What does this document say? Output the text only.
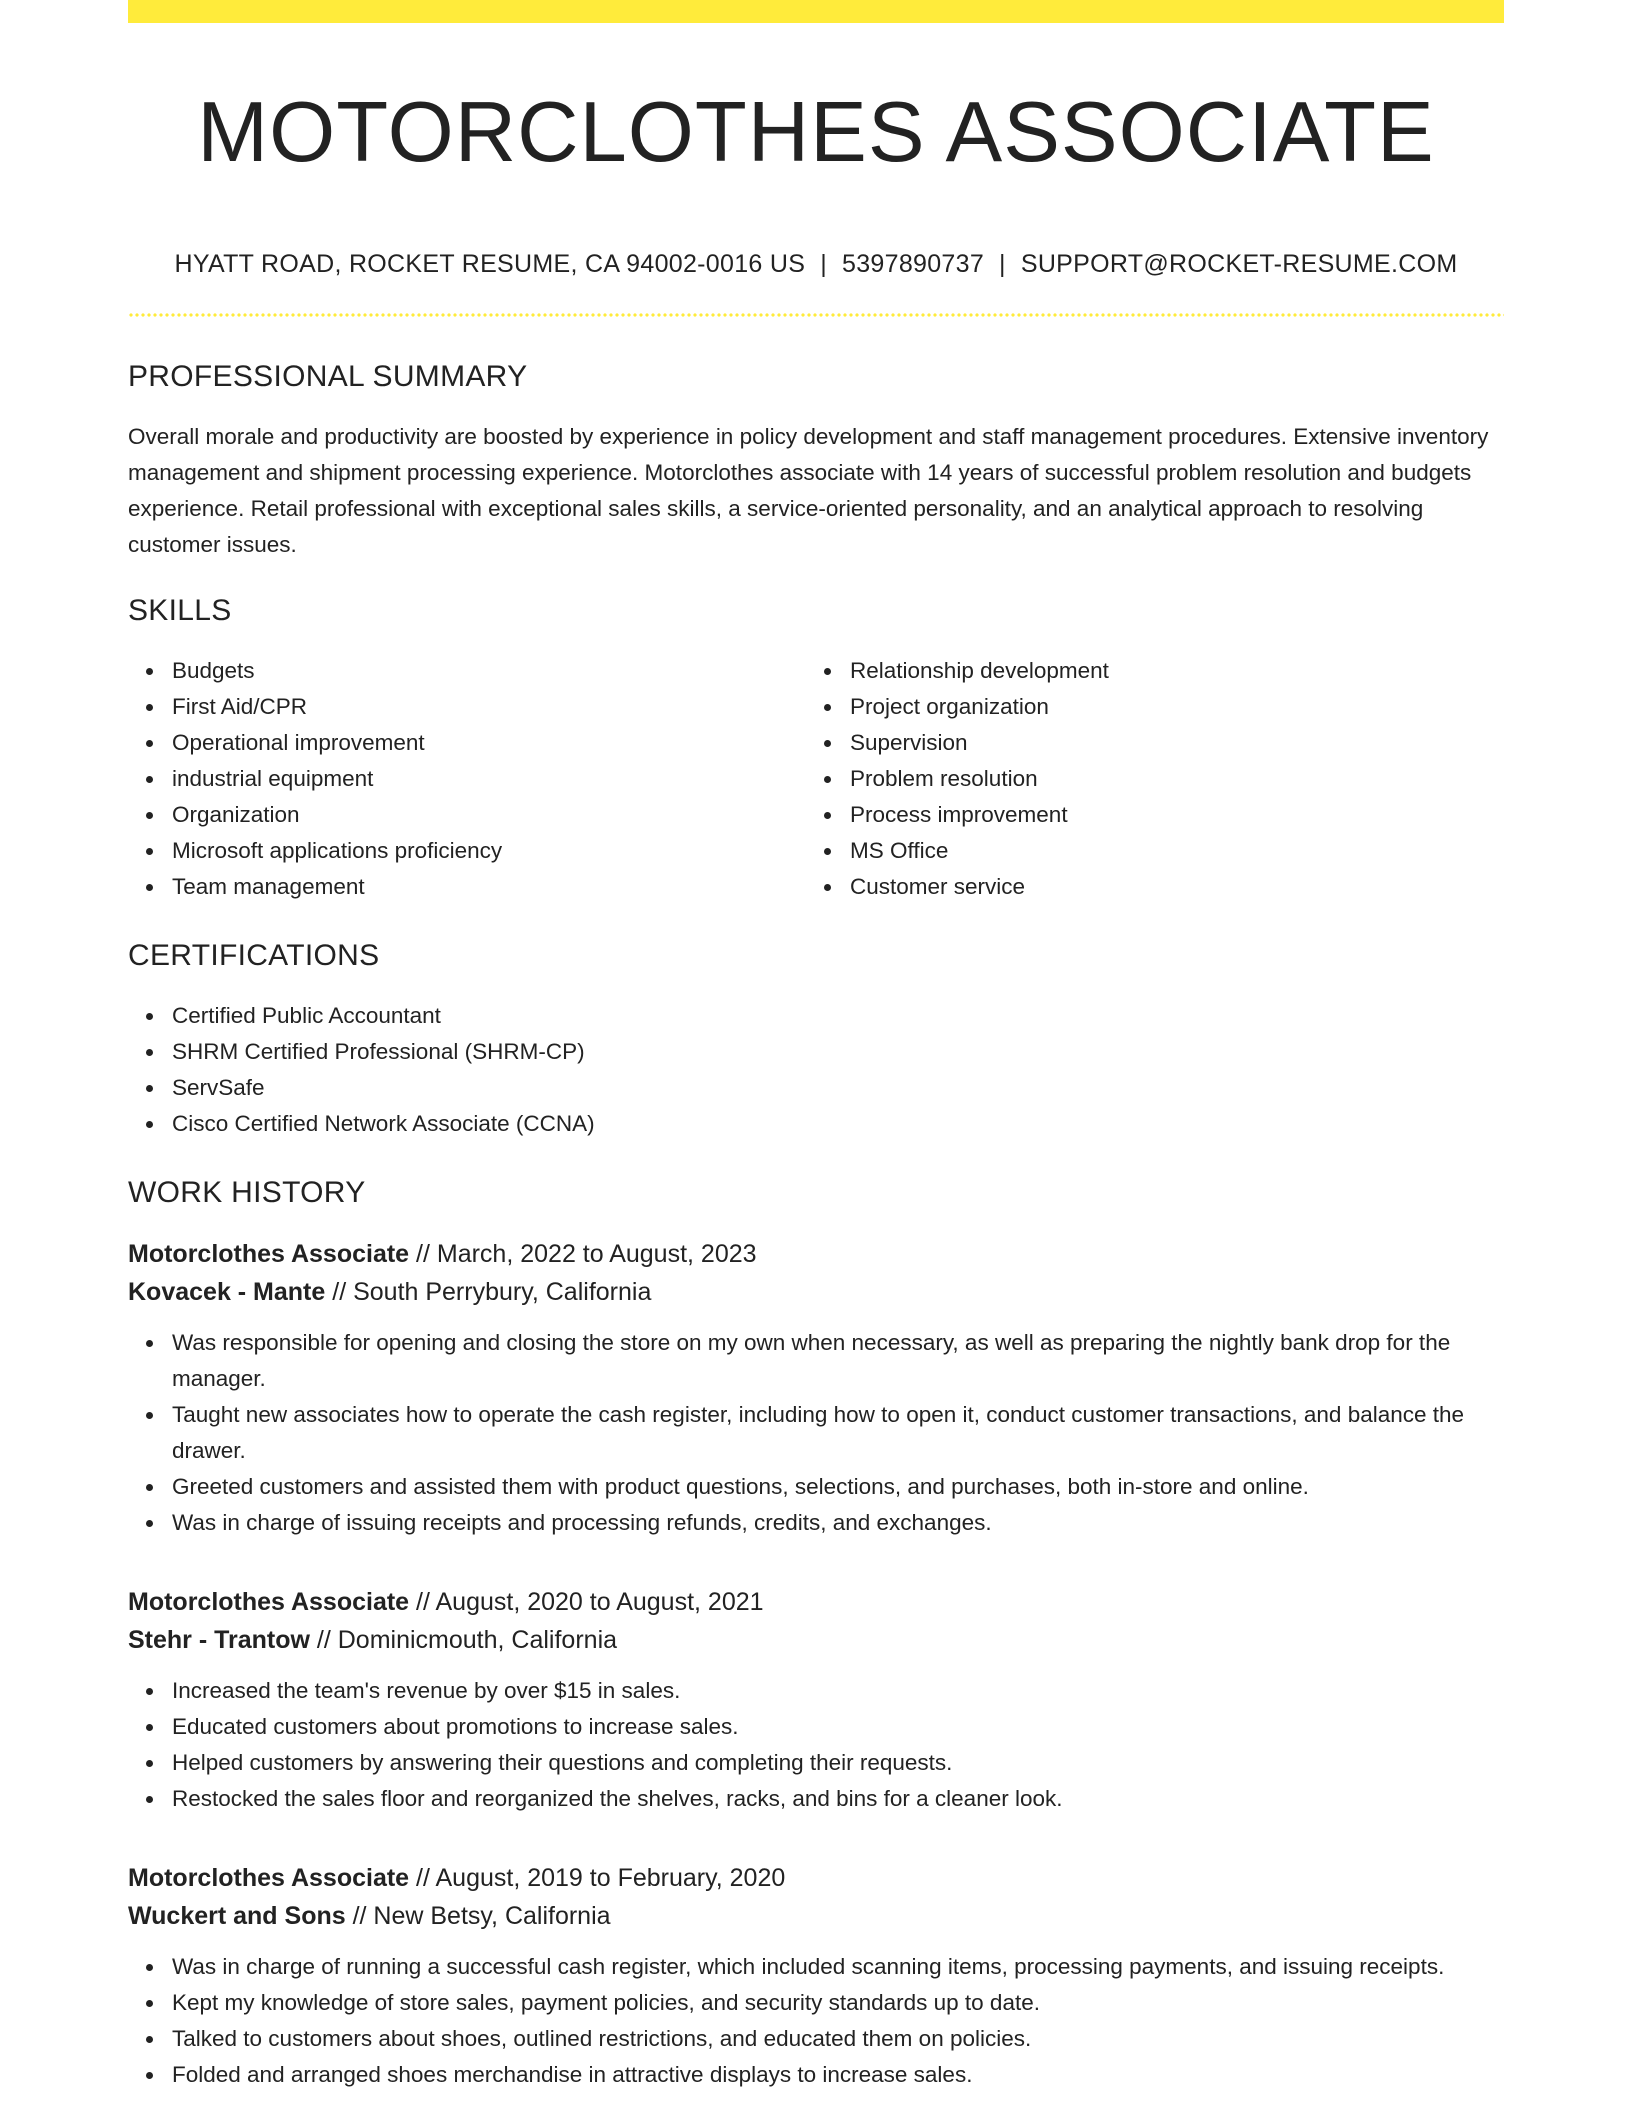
MOTORCLOTHES ASSOCIATE
HYATT ROAD, ROCKET RESUME, CA 94002-0016 US | 5397890737 | SUPPORT@ROCKET-RESUME.COM
PROFESSIONAL SUMMARY
Overall morale and productivity are boosted by experience in policy development and staff management procedures. Extensive inventory management and shipment processing experience. Motorclothes associate with 14 years of successful problem resolution and budgets experience. Retail professional with exceptional sales skills, a service-oriented personality, and an analytical approach to resolving customer issues.
SKILLS
Budgets
First Aid/CPR
Operational improvement
industrial equipment
Organization
Microsoft applications proficiency
Team management
Relationship development
Project organization
Supervision
Problem resolution
Process improvement
MS Office
Customer service
CERTIFICATIONS
Certified Public Accountant
SHRM Certified Professional (SHRM-CP)
ServSafe
Cisco Certified Network Associate (CCNA)
WORK HISTORY
Motorclothes Associate // March, 2022 to August, 2023
Kovacek - Mante // South Perrybury, California
Was responsible for opening and closing the store on my own when necessary, as well as preparing the nightly bank drop for the manager.
Taught new associates how to operate the cash register, including how to open it, conduct customer transactions, and balance the drawer.
Greeted customers and assisted them with product questions, selections, and purchases, both in-store and online.
Was in charge of issuing receipts and processing refunds, credits, and exchanges.
Motorclothes Associate // August, 2020 to August, 2021
Stehr - Trantow // Dominicmouth, California
Increased the team's revenue by over $15 in sales.
Educated customers about promotions to increase sales.
Helped customers by answering their questions and completing their requests.
Restocked the sales floor and reorganized the shelves, racks, and bins for a cleaner look.
Motorclothes Associate // August, 2019 to February, 2020
Wuckert and Sons // New Betsy, California
Was in charge of running a successful cash register, which included scanning items, processing payments, and issuing receipts.
Kept my knowledge of store sales, payment policies, and security standards up to date.
Talked to customers about shoes, outlined restrictions, and educated them on policies.
Folded and arranged shoes merchandise in attractive displays to increase sales.
